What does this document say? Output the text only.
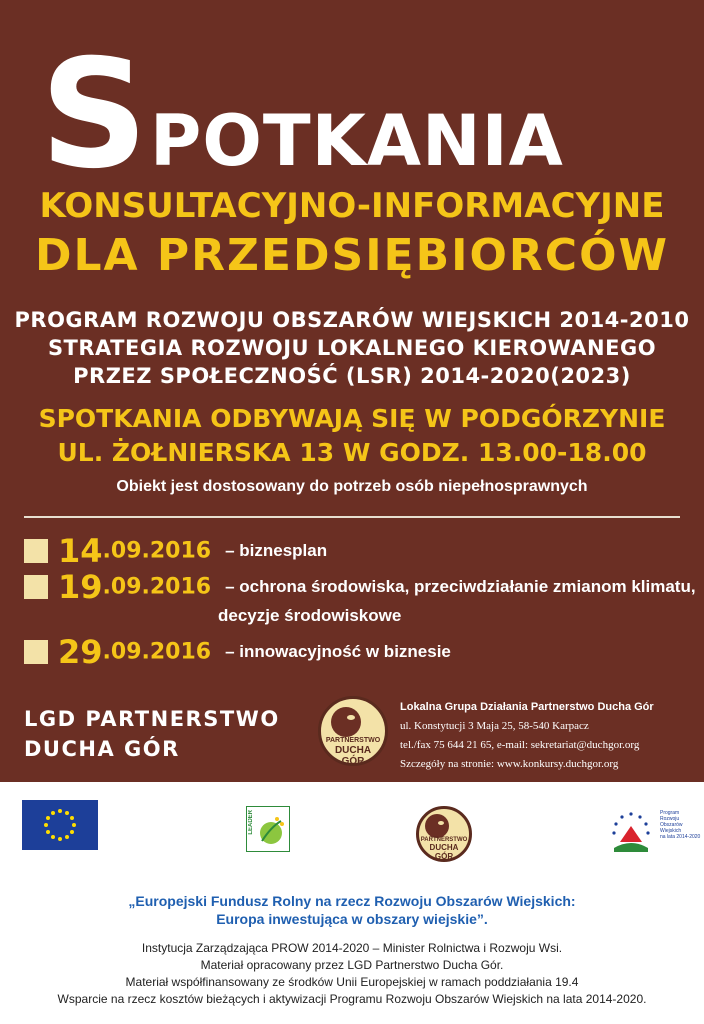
SPOTKANIA
KONSULTACYJNO-INFORMACYJNE
DLA PRZEDSIĘBIORCÓW
PROGRAM ROZWOJU OBSZARÓW WIEJSKICH 2014-2010
STRATEGIA ROZWOJU LOKALNEGO KIEROWANEGO
PRZEZ SPOŁECZNOŚĆ (LSR) 2014-2020(2023)
SPOTKANIA ODBYWAJĄ SIĘ W PODGÓRZYNIE
UL. ŻOŁNIERSKA 13 W GODZ. 13.00-18.00
Obiekt jest dostosowany do potrzeb osób niepełnosprawnych
14.09.2016 – biznesplan
19.09.2016 – ochrona środowiska, przeciwdziałanie zmianom klimatu,
decyzje środowiskowe
29.09.2016 – innowacyjność w biznesie
LGD PARTNERSTWO
DUCHA GÓR	PARTNERSTWO
DUCHA
GÓR
Lokalna Grupa Działania Partnerstwo Ducha Gór
ul. Konstytucji 3 Maja 25, 58-540 Karpacz
tel./fax 75 644 21 65, e-mail: sekretariat@duchgor.org
Szczegóły na stronie: www.konkursy.duchgor.org
LEADER
PARTNERSTWO
DUCHA
GÓR
Program
Rozwoju
Obszarów
Wiejskich
na lata 2014-2020
„Europejski Fundusz Rolny na rzecz Rozwoju Obszarów Wiejskich:
Europa inwestująca w obszary wiejskie”.
Instytucja Zarządzająca PROW 2014-2020 – Minister Rolnictwa i Rozwoju Wsi.
Materiał opracowany przez LGD Partnerstwo Ducha Gór.
Materiał współfinansowany ze środków Unii Europejskiej w ramach poddziałania 19.4
Wsparcie na rzecz kosztów bieżących i aktywizacji Programu Rozwoju Obszarów Wiejskich na lata 2014-2020.
